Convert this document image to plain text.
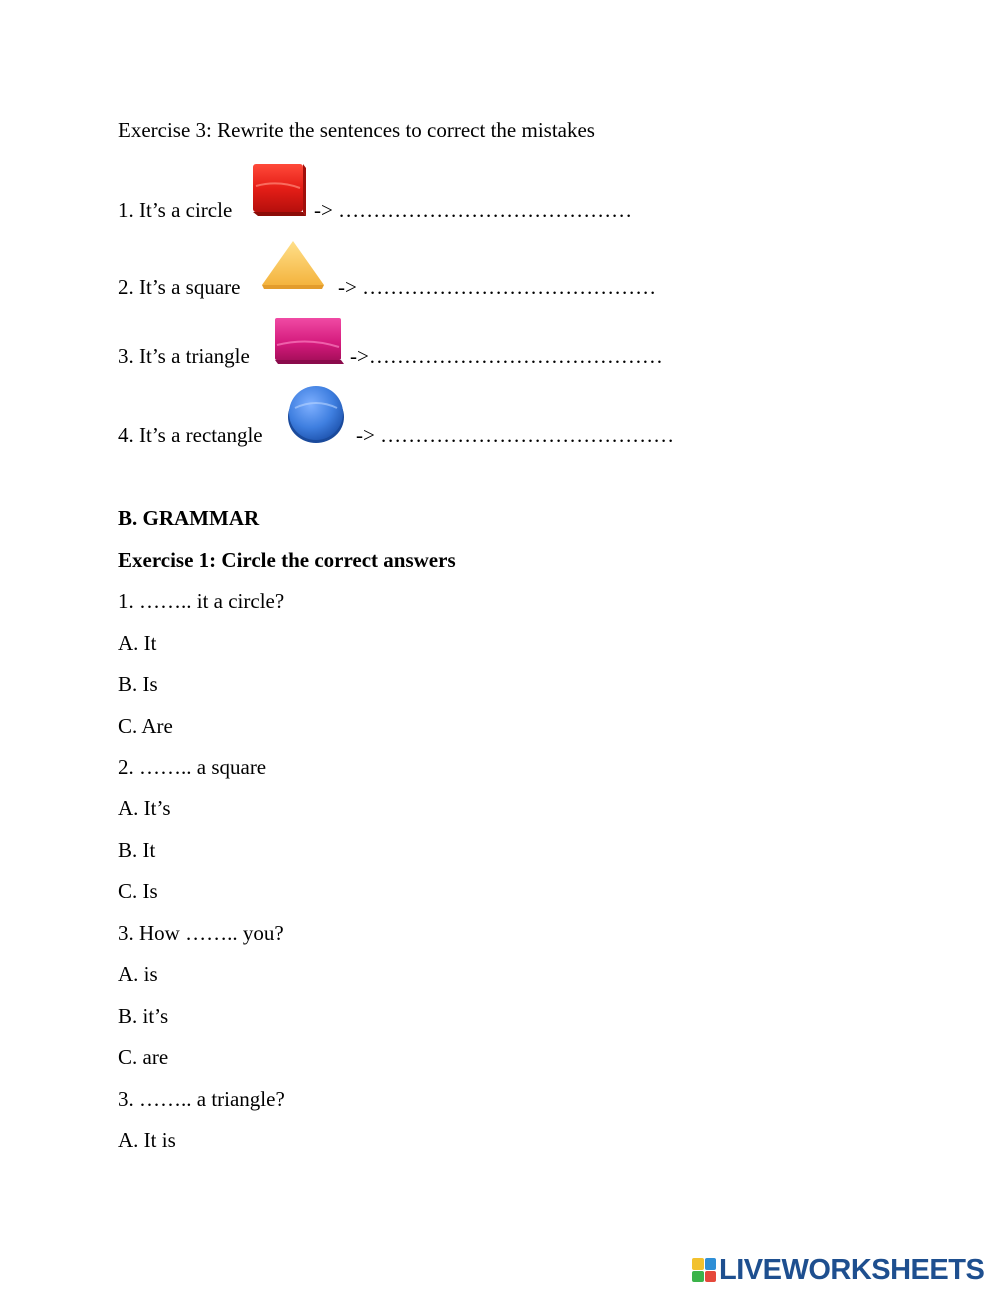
Exercise 3: Rewrite the sentences to correct the mistakes
1. It’s a circle	-> ……………………………………
2. It’s a square	-> ……………………………………
3. It’s a triangle	->……………………………………
4. It’s a rectangle	-> ……………………………………
B. GRAMMAR
Exercise 1: Circle the correct answers
1. …….. it a circle?
A. It
B. Is
C. Are
2. …….. a square
A. It’s
B. It
C. Is
3. How …….. you?
A. is
B. it’s
C. are
3. …….. a triangle?
A. It is
LIVEWORKSHEETS
